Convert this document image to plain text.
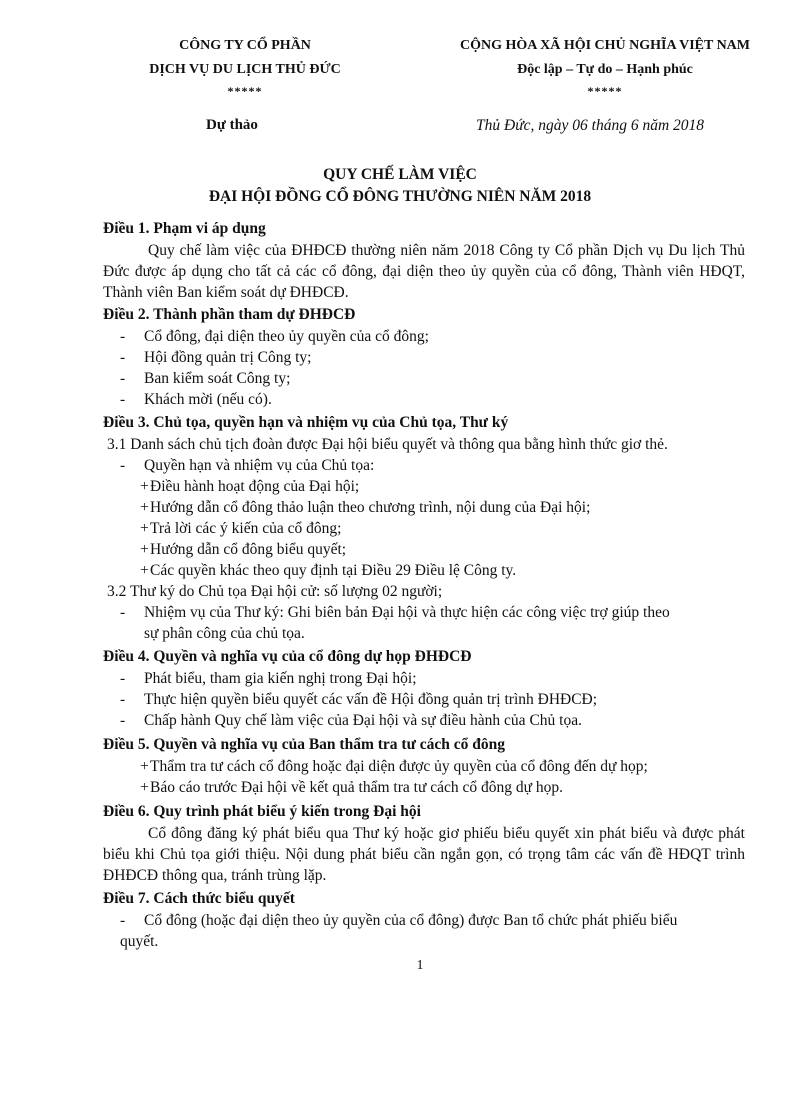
CÔNG TY CỔ PHẦN
DỊCH VỤ DU LỊCH THỦ ĐỨC
*****
CỘNG HÒA XÃ HỘI CHỦ NGHĨA VIỆT NAM
Độc lập – Tự do – Hạnh phúc
*****
Dự thảo	Thủ Đức, ngày 06 tháng 6 năm 2018
QUY CHẾ LÀM VIỆC
ĐẠI HỘI ĐỒNG CỔ ĐÔNG THƯỜNG NIÊN NĂM 2018
Điều 1. Phạm vi áp dụng
Quy chế làm việc của ĐHĐCĐ thường niên năm 2018 Công ty Cổ phần Dịch vụ Du lịch Thủ Đức được áp dụng cho tất cả các cổ đông, đại diện theo ủy quyền của cổ đông, Thành viên HĐQT, Thành viên Ban kiểm soát dự ĐHĐCĐ.
Điều 2. Thành phần tham dự ĐHĐCĐ
- Cổ đông, đại diện theo ủy quyền của cổ đông;
- Hội đồng quản trị Công ty;
- Ban kiểm soát Công ty;
- Khách mời (nếu có).
Điều 3. Chủ tọa, quyền hạn và nhiệm vụ của Chủ tọa, Thư ký
3.1 Danh sách chủ tịch đoàn được Đại hội biểu quyết và thông qua bằng hình thức giơ thẻ.
- Quyền hạn và nhiệm vụ của Chủ tọa:
+Điều hành hoạt động của Đại hội;
+Hướng dẫn cổ đông thảo luận theo chương trình, nội dung của Đại hội;
+Trả lời các ý kiến của cổ đông;
+Hướng dẫn cổ đông biểu quyết;
+Các quyền khác theo quy định tại Điều 29 Điều lệ Công ty.
3.2 Thư ký do Chủ tọa Đại hội cử: số lượng 02 người;
- Nhiệm vụ của Thư ký: Ghi biên bản Đại hội và thực hiện các công việc trợ giúp theo
sự phân công của chủ tọa.
Điều 4. Quyền và nghĩa vụ của cổ đông dự họp ĐHĐCĐ
- Phát biểu, tham gia kiến nghị trong Đại hội;
- Thực hiện quyền biểu quyết các vấn đề Hội đồng quản trị trình ĐHĐCĐ;
- Chấp hành Quy chế làm việc của Đại hội và sự điều hành của Chủ tọa.
Điều 5. Quyền và nghĩa vụ của Ban thẩm tra tư cách cổ đông
+Thẩm tra tư cách cổ đông hoặc đại diện được ủy quyền của cổ đông đến dự họp;
+Báo cáo trước Đại hội về kết quả thẩm tra tư cách cổ đông dự họp.
Điều 6. Quy trình phát biểu ý kiến trong Đại hội
Cổ đông đăng ký phát biểu qua Thư ký hoặc giơ phiếu biểu quyết xin phát biểu và được phát biểu khi Chủ tọa giới thiệu. Nội dung phát biểu cần ngắn gọn, có trọng tâm các vấn đề HĐQT trình ĐHĐCĐ thông qua, tránh trùng lặp.
Điều 7. Cách thức biểu quyết
- Cổ đông (hoặc đại diện theo ủy quyền của cổ đông) được Ban tổ chức phát phiếu biểu
quyết.
1
